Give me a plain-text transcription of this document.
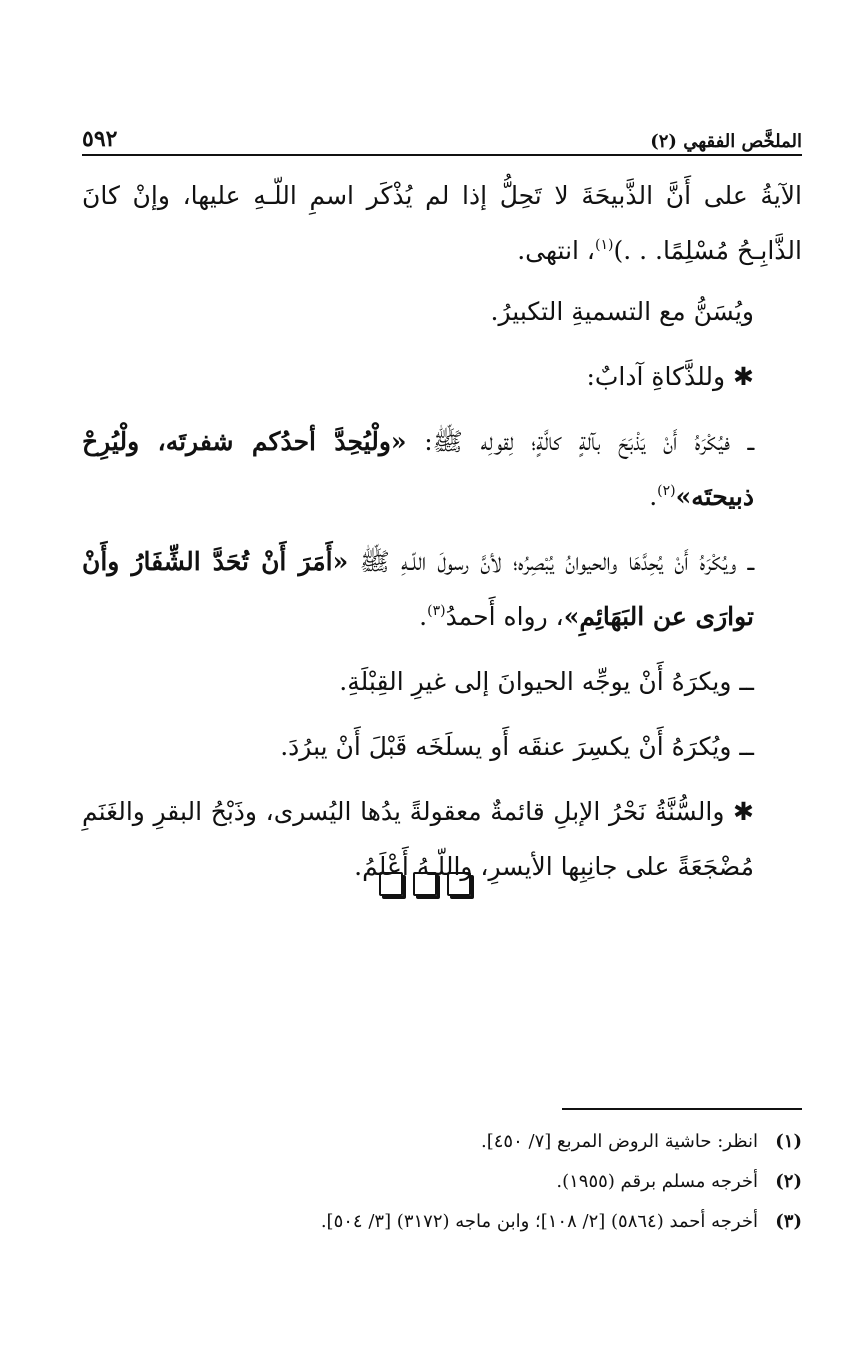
٥٩٢	الملخَّص الفقهي (٢)

الآيةُ على أَنَّ الذَّبيحَةَ لا تَحِلُّ إذا لم يُذْكَر اسمِ اللّـهِ عليها، وإنْ كانَ الذَّابِـحُ مُسْلِمًا. . .)$^{(١)}$، انتهى.

ويُسَنُّ مع التسميةِ التكبيرُ.

✱ وللذَّكاةِ آدابٌ:

ــ فيُكْرَهُ أَنْ يَذْبَحَ بآلةٍ كالَّةٍ؛ لِقولِه ﷺ: «ولْيُحِدَّ أحدُكم شفرتَه، ولْيُرِحْ ذبيحتَه»$^{(٢)}$.

ــ ويُكْرَهُ أَنْ يُحِدَّهَا والحيوانُ يُبْصِرُه؛ لأنَّ رسولَ اللّـهِ ﷺ «أَمَرَ أَنْ تُحَدَّ الشِّفَارُ وأَنْ توارَى عن البَهَائِمِ»، رواه أَحمدُ$^{(٣)}$.

ــ ويكرَهُ أَنْ يوجِّه الحيوانَ إلى غيرِ القِبْلَةِ.

ــ ويُكرَهُ أَنْ يكسِرَ عنقَه أَو يسلَخَه قَبْلَ أَنْ يبرُدَ.

✱ والسُّنَّةُ نَحْرُ الإبلِ قائمةٌ معقولةً يدُها اليُسرى، وذَبْحُ البقرِ والغَنَمِ مُضْجَعَةً على جانِبِها الأيسرِ، واللّـهُ أَعْلَمُ.

(١)
انظر: حاشية الروض المربع [٧/ ٤٥٠].
(٢)
أخرجه مسلم برقم (١٩٥٥).
(٣)
أخرجه أحمد (٥٨٦٤) [٢/ ١٠٨]؛ وابن ماجه (٣١٧٢) [٣/ ٥٠٤].
